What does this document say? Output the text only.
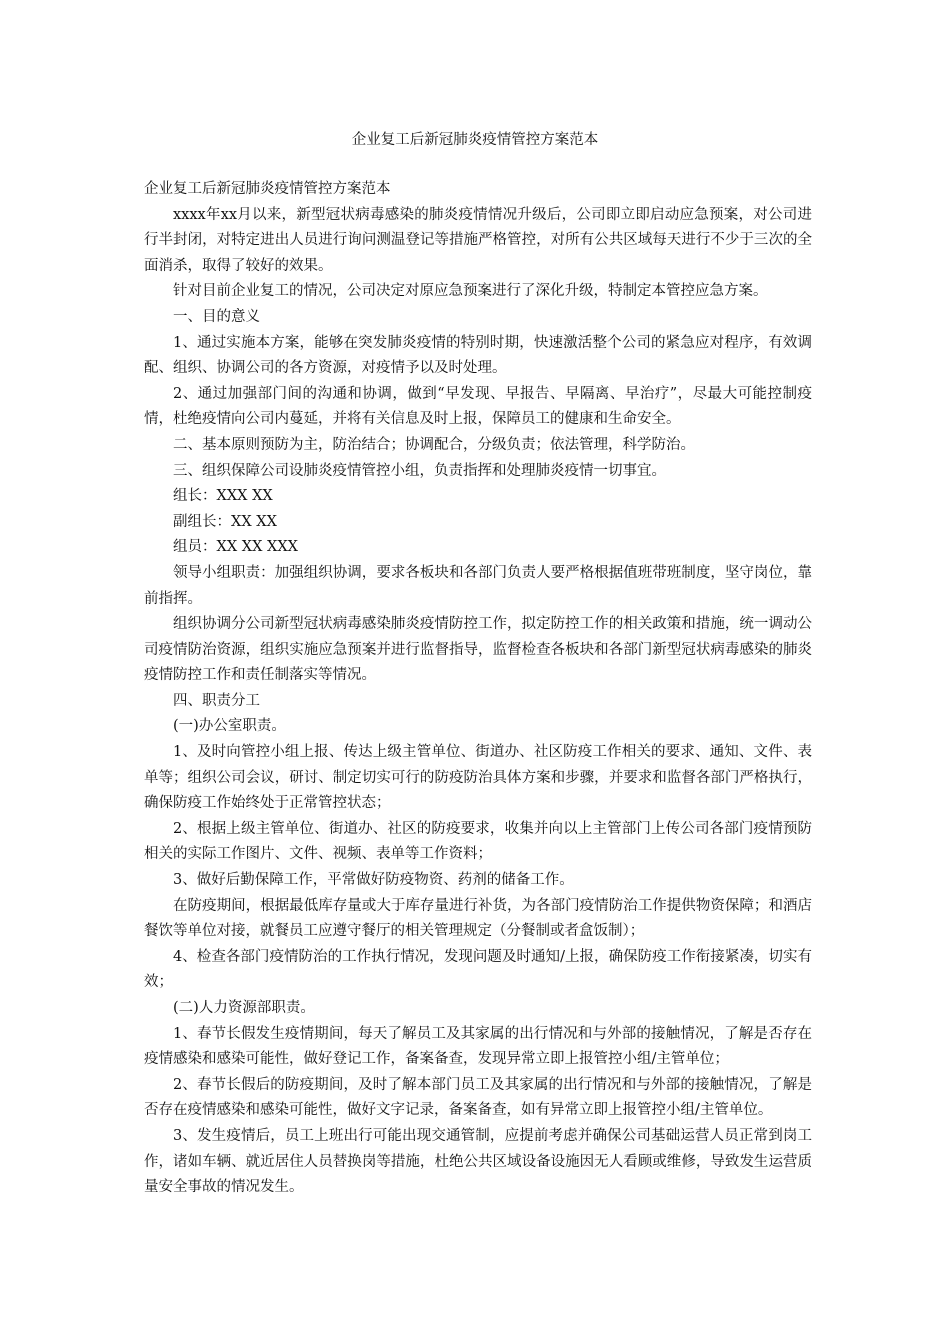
企业复工后新冠肺炎疫情管控方案范本

企业复工后新冠肺炎疫情管控方案范本

xxxx年xx月以来，新型冠状病毒感染的肺炎疫情情况升级后，公司即立即启动应急预案，对公司进行半封闭，对特定进出人员进行询问测温登记等措施严格管控，对所有公共区域每天进行不少于三次的全面消杀，取得了较好的效果。

针对目前企业复工的情况，公司决定对原应急预案进行了深化升级，特制定本管控应急方案。

一、目的意义

1、通过实施本方案，能够在突发肺炎疫情的特别时期，快速激活整个公司的紧急应对程序，有效调配、组织、协调公司的各方资源，对疫情予以及时处理。

2、通过加强部门间的沟通和协调，做到“早发现、早报告、早隔离、早治疗”，尽最大可能控制疫情，杜绝疫情向公司内蔓延，并将有关信息及时上报，保障员工的健康和生命安全。

二、基本原则预防为主，防治结合；协调配合，分级负责；依法管理，科学防治。

三、组织保障公司设肺炎疫情管控小组，负责指挥和处理肺炎疫情一切事宜。

组长：XXX XX

副组长：XX XX

组员：XX XX XXX

领导小组职责：加强组织协调，要求各板块和各部门负责人要严格根据值班带班制度，坚守岗位，靠前指挥。

组织协调分公司新型冠状病毒感染肺炎疫情防控工作，拟定防控工作的相关政策和措施，统一调动公司疫情防治资源，组织实施应急预案并进行监督指导，监督检查各板块和各部门新型冠状病毒感染的肺炎疫情防控工作和责任制落实等情况。

四、职责分工

(一)办公室职责。

1、及时向管控小组上报、传达上级主管单位、街道办、社区防疫工作相关的要求、通知、文件、表单等；组织公司会议，研讨、制定切实可行的防疫防治具体方案和步骤，并要求和监督各部门严格执行，确保防疫工作始终处于正常管控状态；

2、根据上级主管单位、街道办、社区的防疫要求，收集并向以上主管部门上传公司各部门疫情预防相关的实际工作图片、文件、视频、表单等工作资料；

3、做好后勤保障工作，平常做好防疫物资、药剂的储备工作。

在防疫期间，根据最低库存量或大于库存量进行补货，为各部门疫情防治工作提供物资保障；和酒店餐饮等单位对接，就餐员工应遵守餐厅的相关管理规定（分餐制或者盒饭制）；

4、检查各部门疫情防治的工作执行情况，发现问题及时通知/上报，确保防疫工作衔接紧凑，切实有效；

(二)人力资源部职责。

1、春节长假发生疫情期间，每天了解员工及其家属的出行情况和与外部的接触情况，了解是否存在疫情感染和感染可能性，做好登记工作，备案备查，发现异常立即上报管控小组/主管单位；

2、春节长假后的防疫期间，及时了解本部门员工及其家属的出行情况和与外部的接触情况，了解是否存在疫情感染和感染可能性，做好文字记录，备案备查，如有异常立即上报管控小组/主管单位。

3、发生疫情后，员工上班出行可能出现交通管制，应提前考虑并确保公司基础运营人员正常到岗工作，诸如车辆、就近居住人员替换岗等措施，杜绝公共区域设备设施因无人看顾或维修，导致发生运营质量安全事故的情况发生。
